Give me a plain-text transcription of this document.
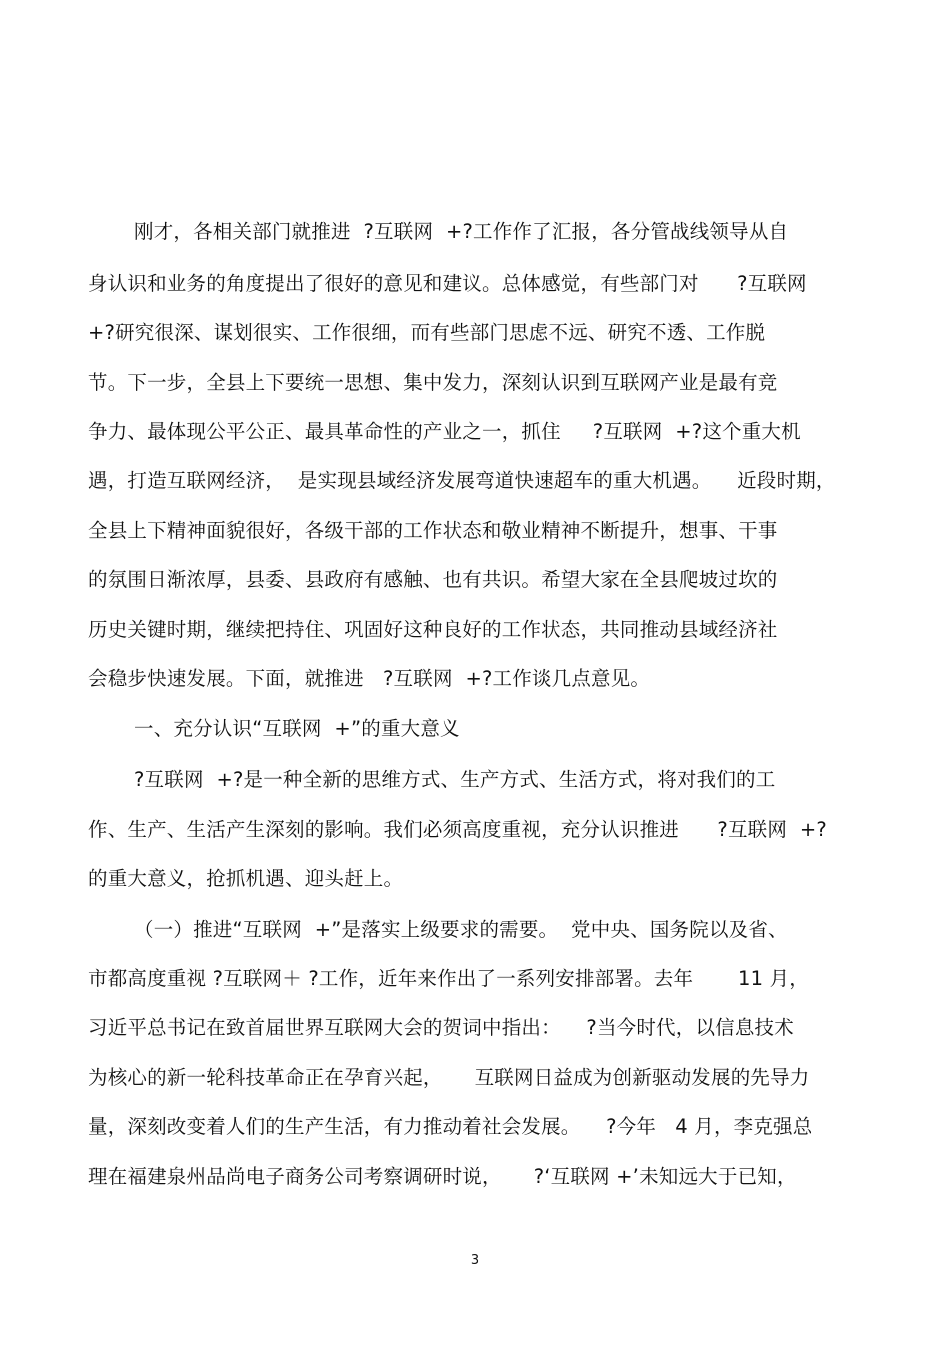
刚才，各相关部门就推进  ?互联网  +?工作作了汇报，各分管战线领导从自
身认识和业务的角度提出了很好的意见和建议。总体感觉，有些部门对      ?互联网
+?研究很深、谋划很实、工作很细，而有些部门思虑不远、研究不透、工作脱
节。下一步，全县上下要统一思想、集中发力，深刻认识到互联网产业是最有竞
争力、最体现公平公正、最具革命性的产业之一，抓住     ?互联网  +?这个重大机
遇，打造互联网经济，  是实现县域经济发展弯道快速超车的重大机遇。    近段时期，
全县上下精神面貌很好，各级干部的工作状态和敬业精神不断提升，想事、干事
的氛围日渐浓厚，县委、县政府有感触、也有共识。希望大家在全县爬坡过坎的
历史关键时期，继续把持住、巩固好这种良好的工作状态，共同推动县域经济社
会稳步快速发展。下面，就推进   ?互联网  +?工作谈几点意见。
一、充分认识“互联网  +”的重大意义
?互联网  +?是一种全新的思维方式、生产方式、生活方式，将对我们的工
作、生产、生活产生深刻的影响。我们必须高度重视，充分认识推进      ?互联网  +?
的重大意义，抢抓机遇、迎头赶上。
（一）推进“互联网  +”是落实上级要求的需要。  党中央、国务院以及省、
市都高度重视 ?互联网＋ ?工作，近年来作出了一系列安排部署。去年       11 月，
习近平总书记在致首届世界互联网大会的贺词中指出：    ?当今时代，以信息技术
为核心的新一轮科技革命正在孕育兴起，     互联网日益成为创新驱动发展的先导力
量，深刻改变着人们的生产生活，有力推动着社会发展。    ?今年   4 月，李克强总
理在福建泉州品尚电子商务公司考察调研时说，     ?‘互联网 +’未知远大于已知，
3
